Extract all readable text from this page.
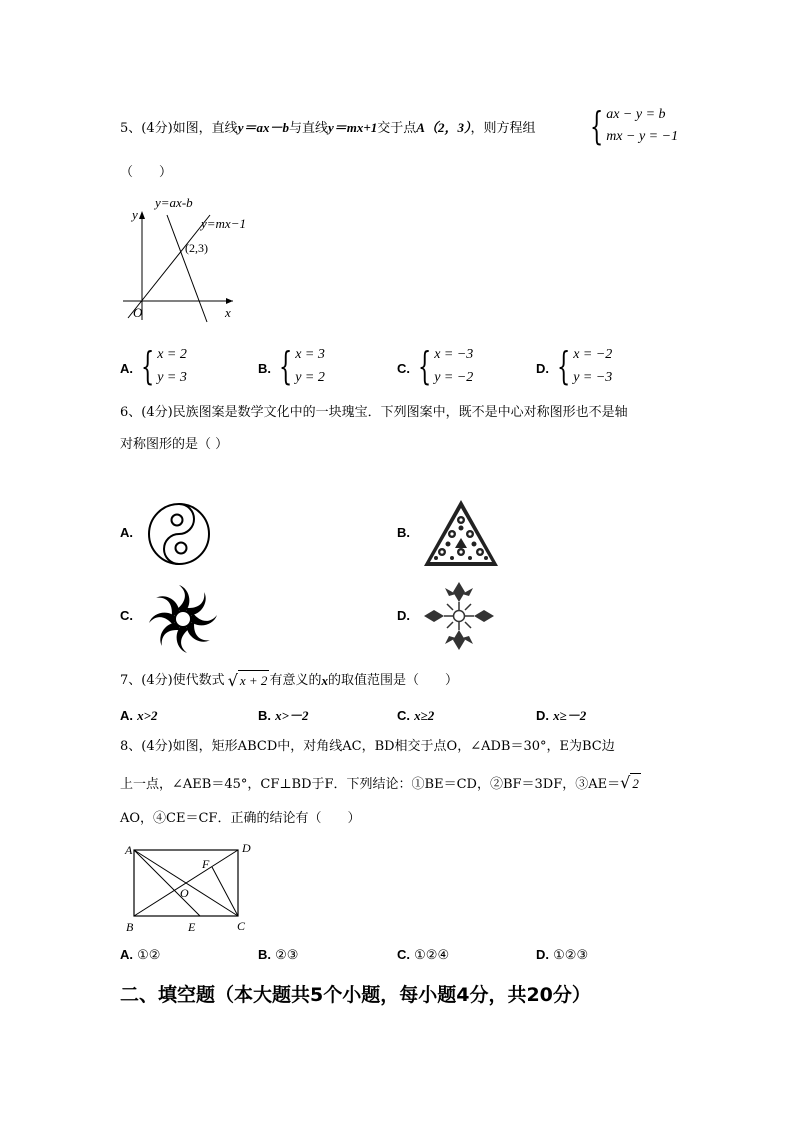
5、(4分)如图，直线y＝ax－b与直线y＝mx+1交于点A（2，3），则方程组 { ax − y = b
mx − y = −1
（　　）
y
x
O
y=ax-b
y=mx−1
(2,3)
A. { x = 2
y = 3
B. { x = 3
y = 2
C. { x = −3
y = −2
D. { x = −2
y = −3
6、(4分)民族图案是数学文化中的一块瑰宝．下列图案中，既不是中心对称图形也不是轴
对称图形的是（ ）
A.	B.
C.	D.
7、(4分)使代数式 √ x + 2 有意义的 x 的取值范围是（　　）
A. x>2	B. x>－2	C. x≥2	D. x≥－2
8、(4分)如图，矩形ABCD中，对角线AC，BD相交于点O，∠ADB＝30°，E为BC边
上一点，∠AEB＝45°，CF⊥BD于F．下列结论：①BE＝CD，②BF＝3DF，③AE＝√ 2
AO，④CE＝CF．正确的结论有（　　）
A	D
B	C
E
F
O
A. ①②	B. ②③	C. ①②④	D. ①②③
二、填空题（本大题共5个小题，每小题4分，共20分）
